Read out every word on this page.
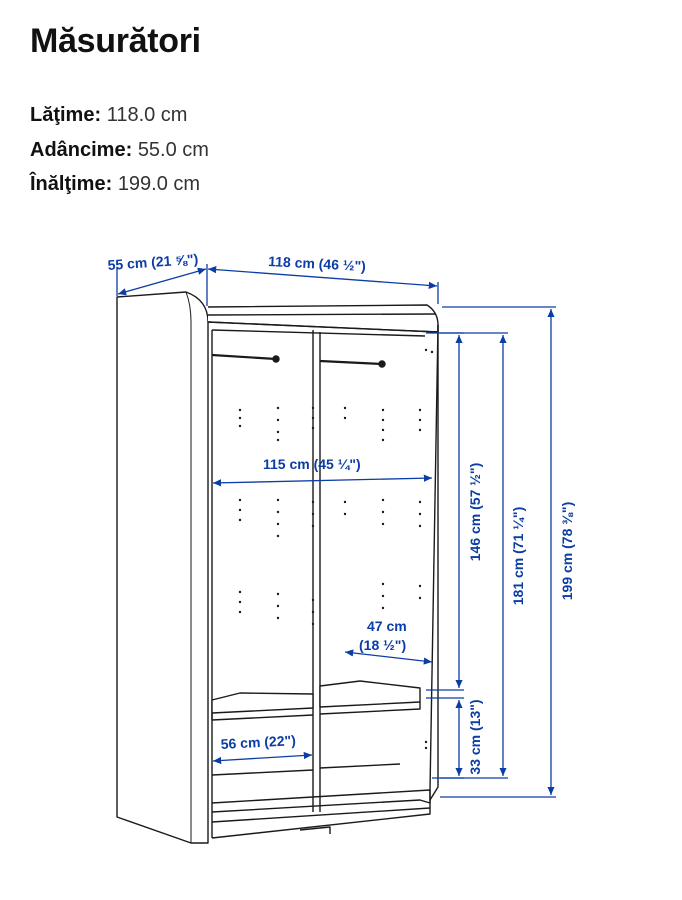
Măsurători
Lăţime: 118.0 cm
Adâncime: 55.0 cm
Înălţime: 199.0 cm
55 cm (21 ⅝")	118 cm (46 ½")
115 cm (45 ¼")
47 cm
(18 ½")
56 cm (22")
146 cm (57 ½")
33 cm (13")
181 cm (71 ¼") 199 cm (78 ⅜")
